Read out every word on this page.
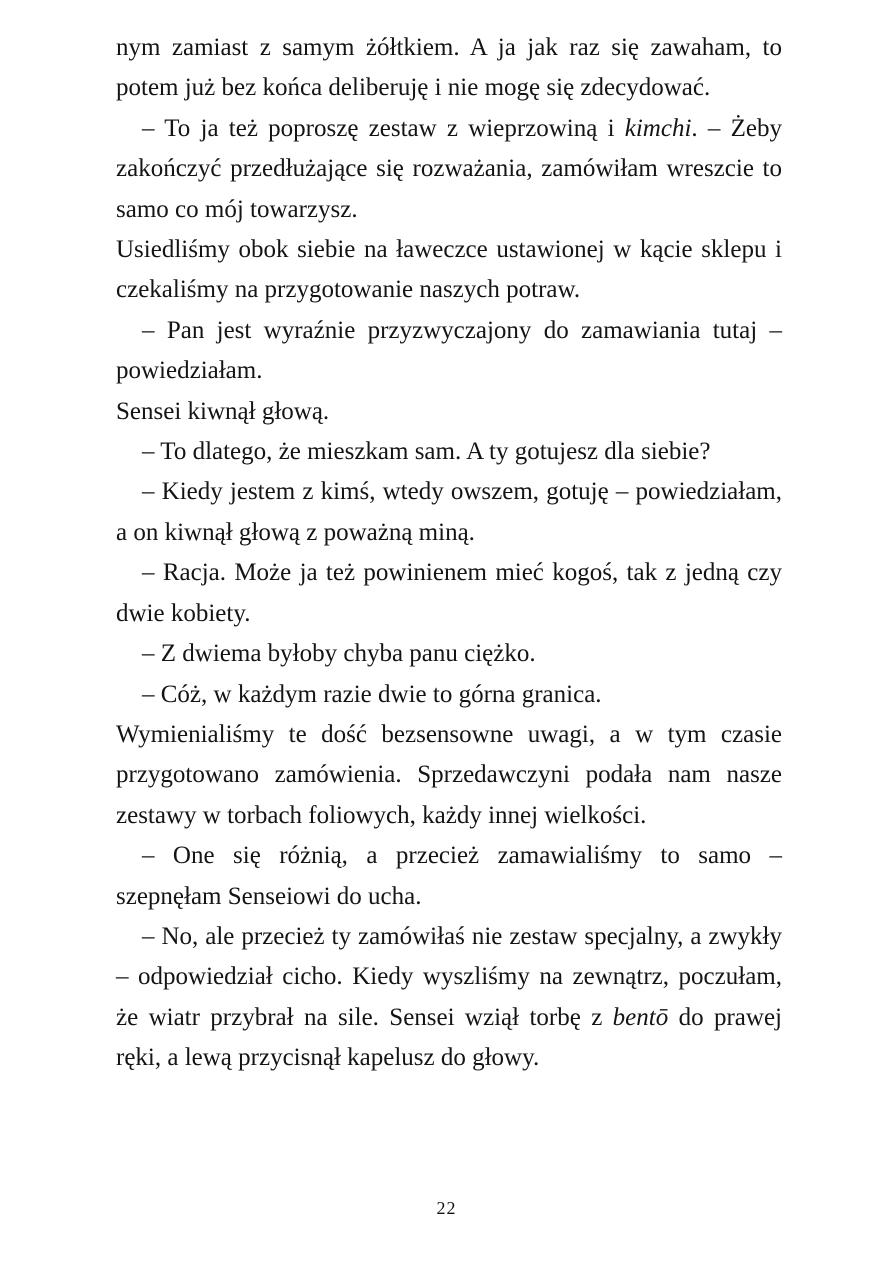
nym zamiast z samym żółtkiem. A ja jak raz się zawaham, to potem już bez końca deliberuję i nie mogę się zdecydować.

– To ja też poproszę zestaw z wieprzowiną i kimchi. – Żeby zakończyć przedłużające się rozważania, zamówiłam wreszcie to samo co mój towarzysz.

Usiedliśmy obok siebie na ławeczce ustawionej w kącie sklepu i czekaliśmy na przygotowanie naszych potraw.

– Pan jest wyraźnie przyzwyczajony do zamawiania tutaj – powiedziałam.

Sensei kiwnął głową.

– To dlatego, że mieszkam sam. A ty gotujesz dla siebie?

– Kiedy jestem z kimś, wtedy owszem, gotuję – powiedziałam, a on kiwnął głową z poważną miną.

– Racja. Może ja też powinienem mieć kogoś, tak z jedną czy dwie kobiety.

– Z dwiema byłoby chyba panu ciężko.

– Cóż, w każdym razie dwie to górna granica.

Wymienialiśmy te dość bezsensowne uwagi, a w tym czasie przygotowano zamówienia. Sprzedawczyni podała nam nasze zestawy w torbach foliowych, każdy innej wielkości.

– One się różnią, a przecież zamawialiśmy to samo – szepnęłam Senseiowi do ucha.

– No, ale przecież ty zamówiłaś nie zestaw specjalny, a zwykły – odpowiedział cicho. Kiedy wyszliśmy na zewnątrz, poczułam, że wiatr przybrał na sile. Sensei wziął torbę z bentō do prawej ręki, a lewą przycisnął kapelusz do głowy.

22
